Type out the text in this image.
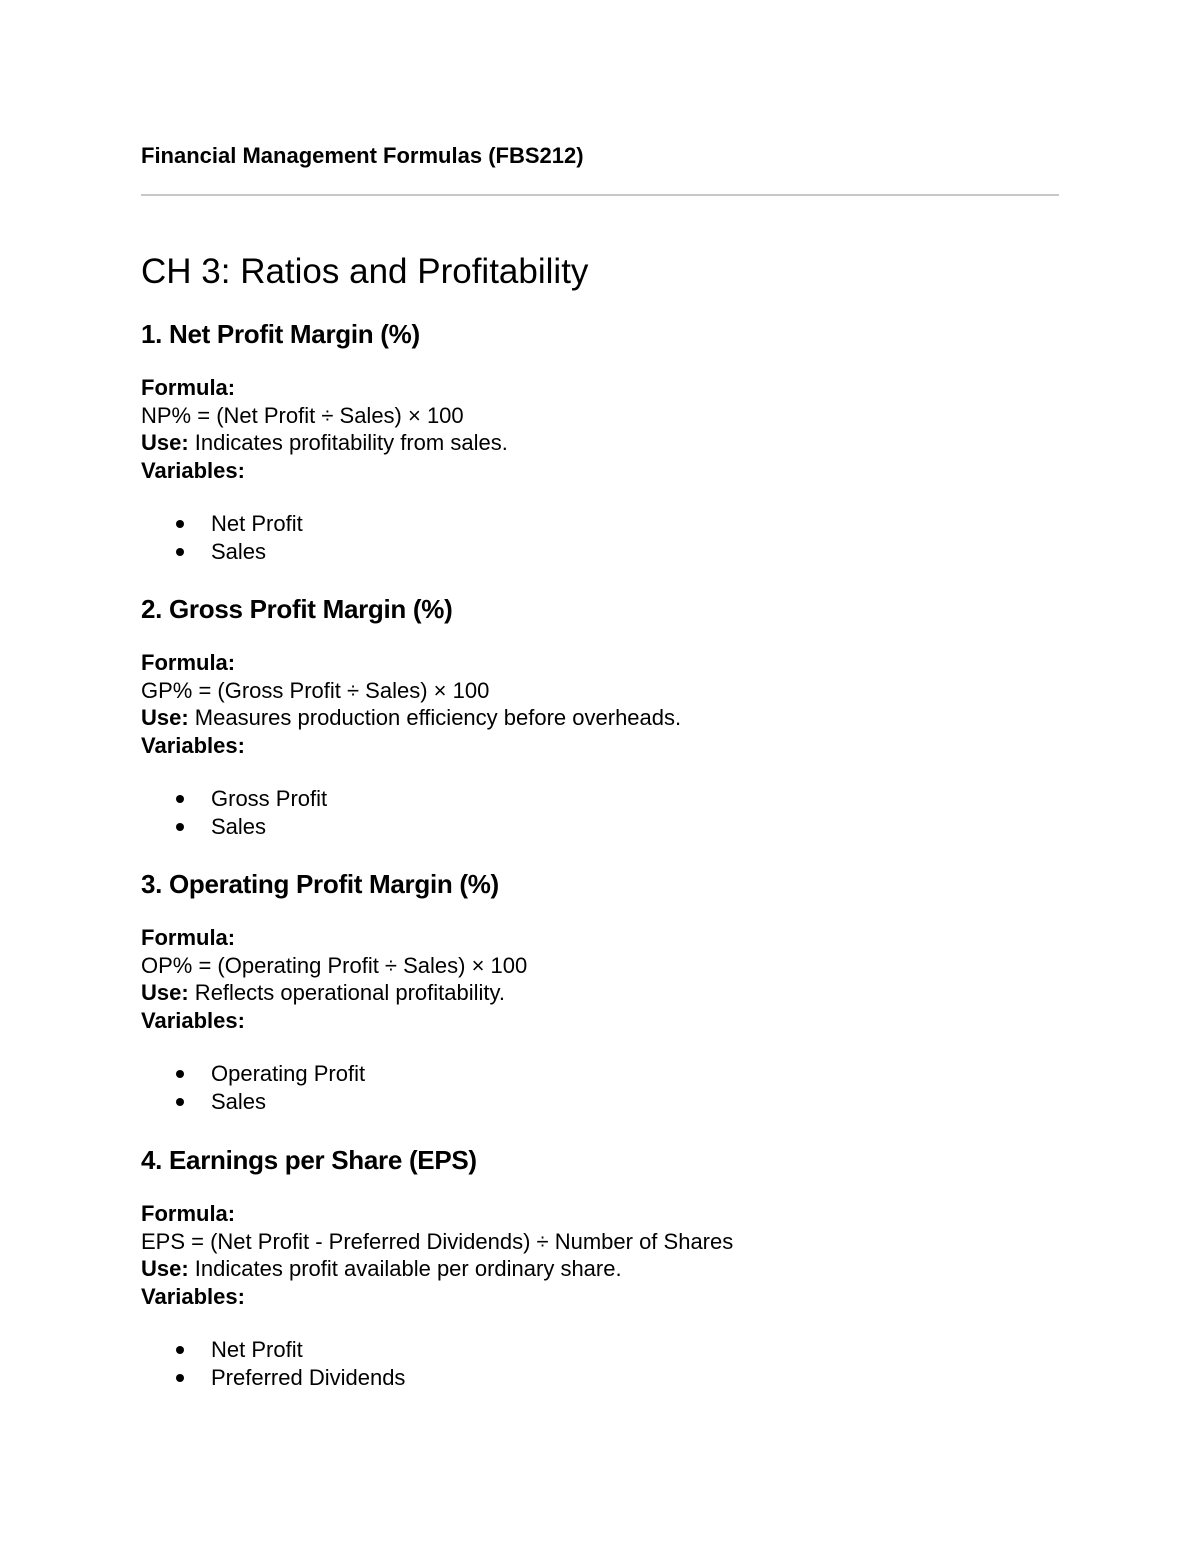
Financial Management Formulas (FBS212)
CH 3: Ratios and Profitability
1. Net Profit Margin (%)
Formula:
NP% = (Net Profit ÷ Sales) × 100
Use: Indicates profitability from sales.
Variables:
Net Profit
Sales
2. Gross Profit Margin (%)
Formula:
GP% = (Gross Profit ÷ Sales) × 100
Use: Measures production efficiency before overheads.
Variables:
Gross Profit
Sales
3. Operating Profit Margin (%)
Formula:
OP% = (Operating Profit ÷ Sales) × 100
Use: Reflects operational profitability.
Variables:
Operating Profit
Sales
4. Earnings per Share (EPS)
Formula:
EPS = (Net Profit - Preferred Dividends) ÷ Number of Shares
Use: Indicates profit available per ordinary share.
Variables:
Net Profit
Preferred Dividends
